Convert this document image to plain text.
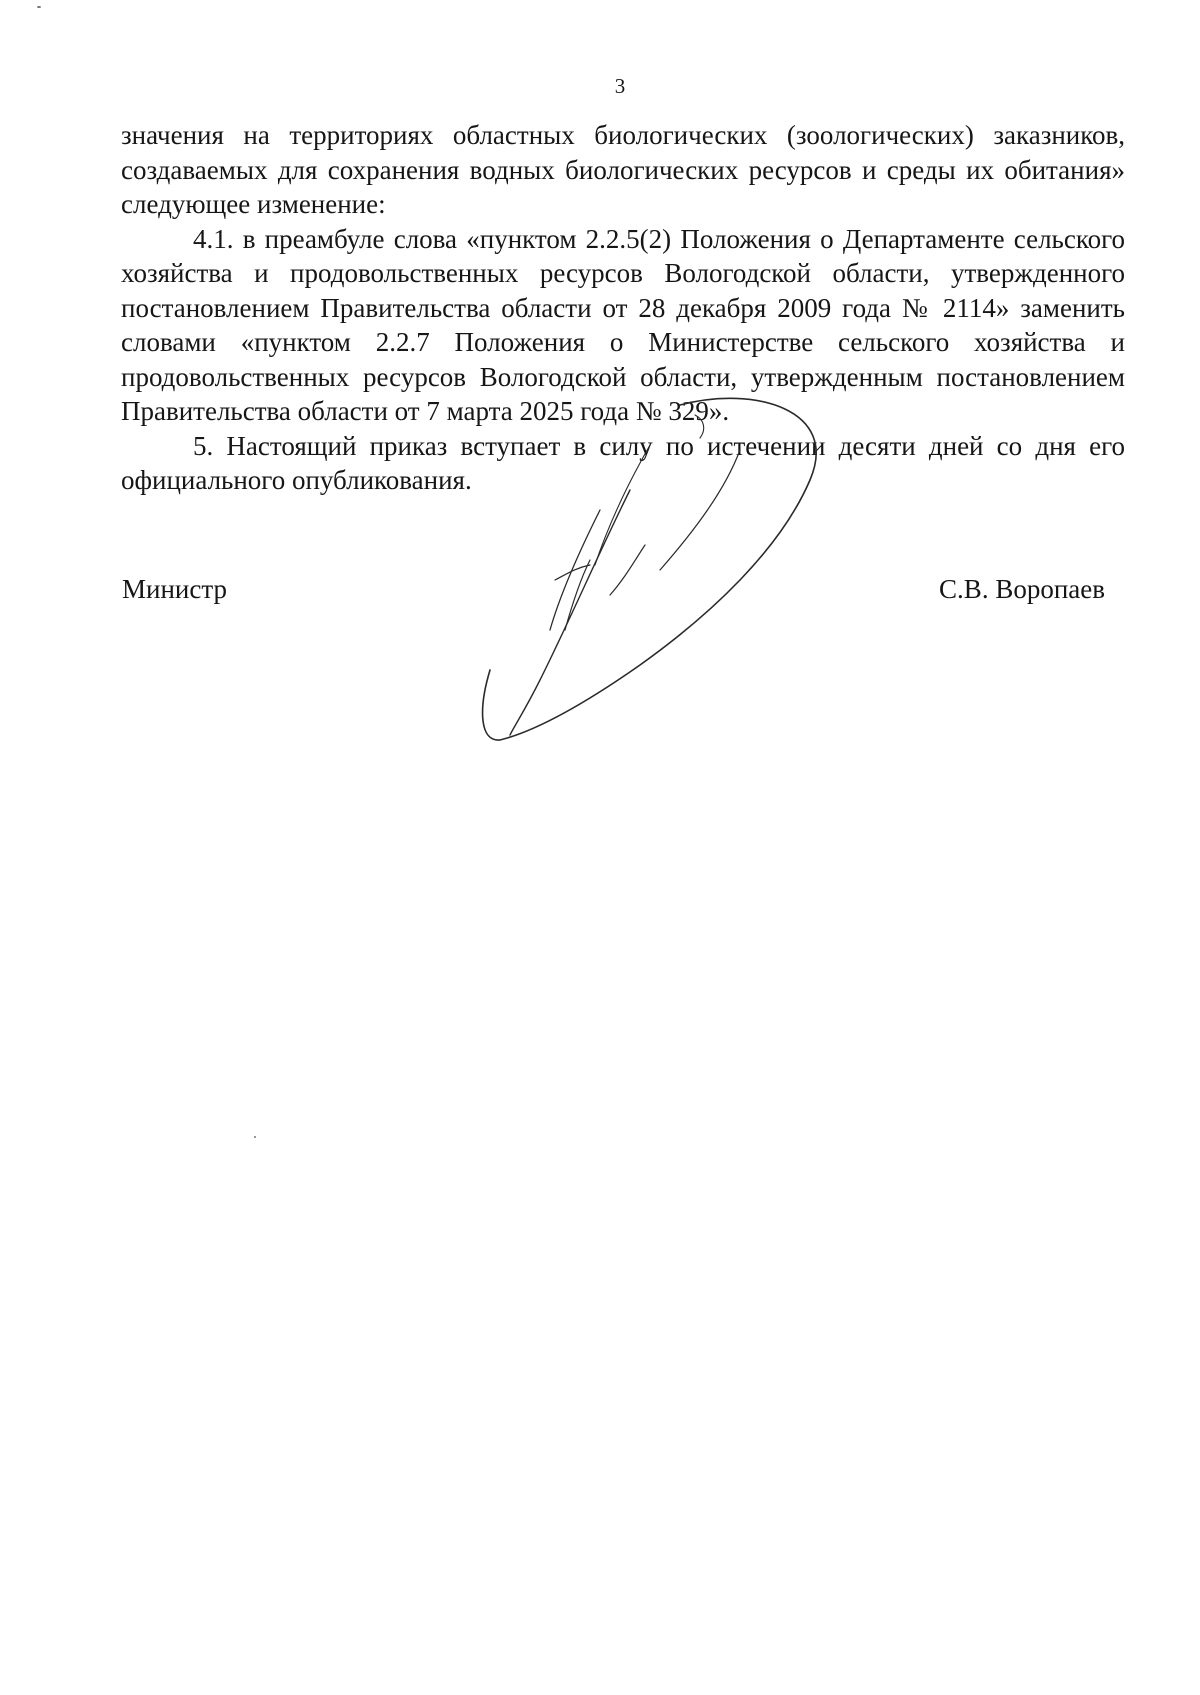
3

значения на территориях областных биологических (зоологических) заказников, создаваемых для сохранения водных биологических ресурсов и среды их обитания» следующее изменение:

4.1. в преамбуле слова «пунктом 2.2.5(2) Положения о Департаменте сельского хозяйства и продовольственных ресурсов Вологодской области, утвержденного постановлением Правительства области от 28 декабря 2009 года № 2114» заменить словами «пунктом 2.2.7 Положения о Министерстве сельского хозяйства и продовольственных ресурсов Вологодской области, утвержденным постановлением Правительства области от 7 марта 2025 года № 329».

5. Настоящий приказ вступает в силу по истечении десяти дней со дня его официального опубликования.

Министр	С.В. Воропаев
